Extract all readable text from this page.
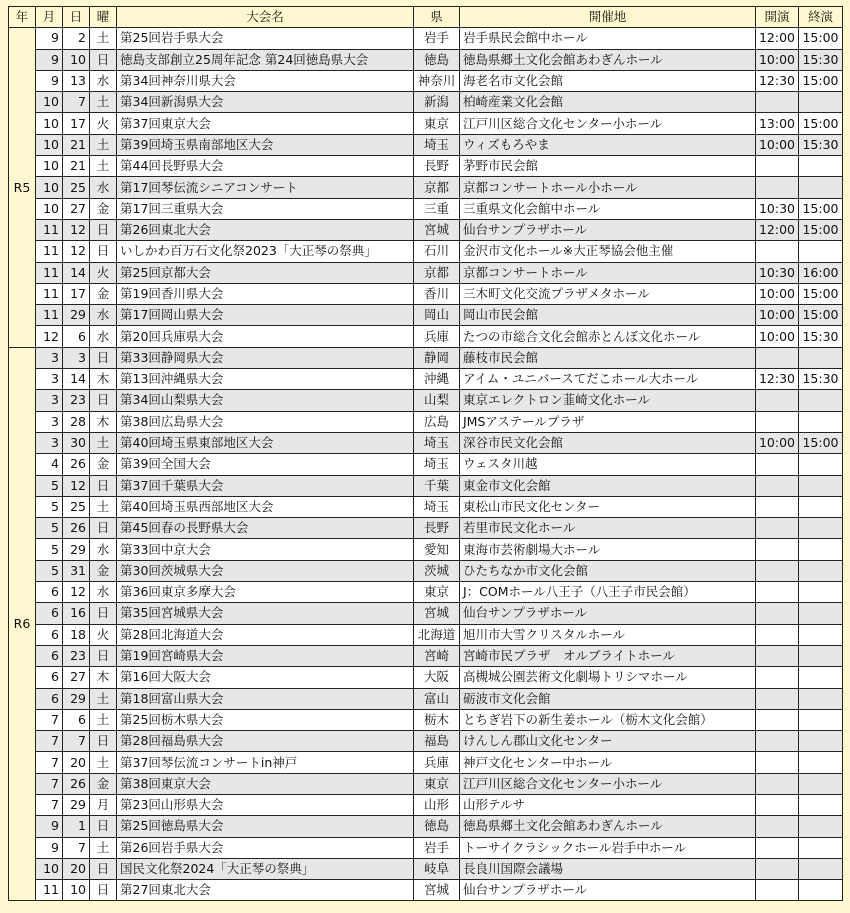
年	月	日	曜	大会名	県	開催地	開演	終演
R5	9	2	土	第25回岩手県大会	岩手	岩手県民会館中ホール	12:00	15:00
	9	10	日	徳島支部創立25周年記念 第24回徳島県大会	徳島	徳島県郷土文化会館あわぎんホール	10:00	15:30
	9	13	水	第34回神奈川県大会	神奈川	海老名市文化会館	12:30	15:00
	10	7	土	第34回新潟県大会	新潟	柏崎産業文化会館		
	10	17	火	第37回東京大会	東京	江戸川区総合文化センター小ホール	13:00	15:00
	10	21	土	第39回埼玉県南部地区大会	埼玉	ウィズもろやま	10:00	15:30
	10	21	土	第44回長野県大会	長野	茅野市民会館		
	10	25	水	第17回琴伝流シニアコンサート	京都	京都コンサートホール小ホール		
	10	27	金	第17回三重県大会	三重	三重県文化会館中ホール	10:30	15:00
	11	12	日	第26回東北大会	宮城	仙台サンプラザホール	12:00	15:00
	11	12	日	いしかわ百万石文化祭2023「大正琴の祭典」	石川	金沢市文化ホール※大正琴協会他主催		
	11	14	火	第25回京都大会	京都	京都コンサートホール	10:30	16:00
	11	17	金	第19回香川県大会	香川	三木町文化交流プラザメタホール	10:00	15:00
	11	29	水	第17回岡山県大会	岡山	岡山市民会館	10:00	15:00
	12	6	水	第20回兵庫県大会	兵庫	たつの市総合文化会館赤とんぼ文化ホール	10:00	15:30
R6	3	3	日	第33回静岡県大会	静岡	藤枝市民会館		
	3	14	木	第13回沖縄県大会	沖縄	アイム・ユニバースてだこホール大ホール	12:30	15:30
	3	23	日	第34回山梨県大会	山梨	東京エレクトロン韮崎文化ホール		
	3	28	木	第38回広島県大会	広島	JMSアステールプラザ		
	3	30	土	第40回埼玉県東部地区大会	埼玉	深谷市民文化会館	10:00	15:00
	4	26	金	第39回全国大会	埼玉	ウェスタ川越		
	5	12	日	第37回千葉県大会	千葉	東金市文化会館		
	5	25	土	第40回埼玉県西部地区大会	埼玉	東松山市民文化センター		
	5	26	日	第45回春の長野県大会	長野	若里市民文化ホール		
	5	29	水	第33回中京大会	愛知	東海市芸術劇場大ホール		
	5	31	金	第30回茨城県大会	茨城	ひたちなか市文化会館		
	6	12	水	第36回東京多摩大会	東京	J：COMホール八王子（八王子市民会館）		
	6	16	日	第35回宮城県大会	宮城	仙台サンプラザホール		
	6	18	火	第28回北海道大会	北海道	旭川市大雪クリスタルホール		
	6	23	日	第19回宮崎県大会	宮崎	宮崎市民プラザ　オルブライトホール		
	6	27	木	第16回大阪大会	大阪	高槻城公園芸術文化劇場トリシマホール		
	6	29	土	第18回富山県大会	富山	砺波市文化会館		
	7	6	土	第25回栃木県大会	栃木	とちぎ岩下の新生姜ホール（栃木文化会館）		
	7	7	日	第28回福島県大会	福島	けんしん郡山文化センター		
	7	20	土	第37回琴伝流コンサートin神戸	兵庫	神戸文化センター中ホール		
	7	26	金	第38回東京大会	東京	江戸川区総合文化センター小ホール		
	7	29	月	第23回山形県大会	山形	山形テルサ		
	9	1	日	第25回徳島県大会	徳島	徳島県郷土文化会館あわぎんホール		
	9	7	土	第26回岩手県大会	岩手	トーサイクラシックホール岩手中ホール		
	10	20	日	国民文化祭2024「大正琴の祭典」	岐阜	長良川国際会議場		
	11	10	日	第27回東北大会	宮城	仙台サンプラザホール		
